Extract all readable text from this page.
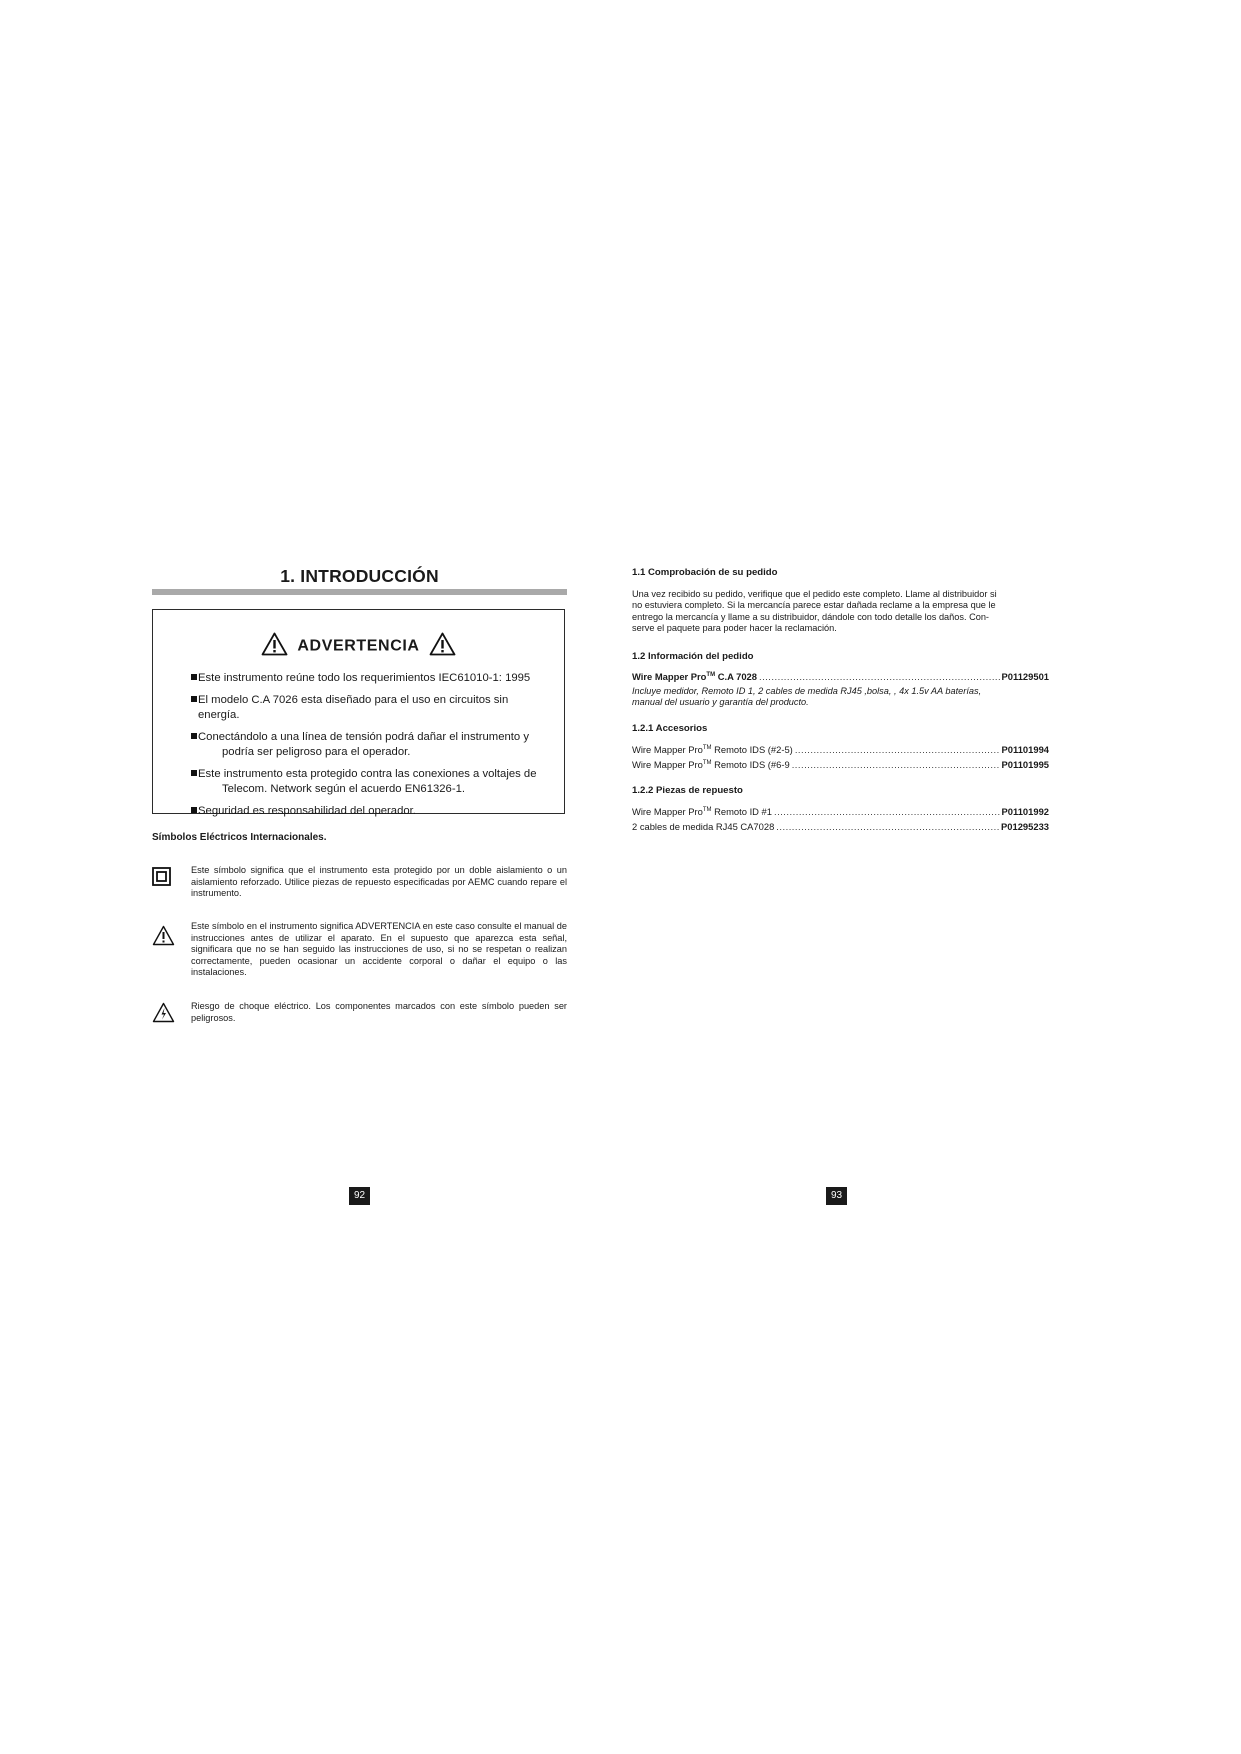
1. INTRODUCCIÓN
ADVERTENCIA
Este instrumento reúne todo los requerimientos IEC61010-1: 1995
El modelo C.A 7026 esta diseñado para el uso en circuitos sin energía.
Conectándolo a una línea de tensión podrá dañar el instrumento y
podría ser peligroso para el operador.
Este instrumento esta protegido contra las conexiones a voltajes de
Telecom. Network según el acuerdo EN61326-1.
Seguridad es responsabilidad del operador.
Símbolos Eléctricos Internacionales.
Este símbolo significa que el instrumento esta protegido por un doble aislamiento o un aislamiento reforzado. Utilice piezas de repuesto especificadas por AEMC cuando repare el instrumento.
Este símbolo en el instrumento significa ADVERTENCIA en este caso consulte el manual de instrucciones antes de utilizar el aparato. En el supuesto que aparezca esta señal, significara que no se han seguido las instrucciones de uso, si no se respetan o realizan correctamente, pueden ocasionar un accidente corporal o dañar el equipo o las instalaciones.
Riesgo de choque eléctrico. Los componentes marcados con este símbolo pueden ser peligrosos.
92
1.1 Comprobación de su pedido
Una vez recibido su pedido, verifique que el pedido este completo. Llame al distribuidor si
no estuviera completo. Si la mercancía parece estar dañada reclame a la empresa que le
entrego la mercancía y llame a su distribuidor, dándole con todo detalle los daños. Con-
serve el paquete para poder hacer la reclamación.
1.2 Información del pedido
Wire Mapper Pro™ C.A 7028 .....	P01129501
Incluye medidor, Remoto ID 1, 2 cables de medida RJ45 ,bolsa, , 4x 1.5v AA baterías,
manual del usuario y garantía del producto.
1.2.1 Accesorios
Wire Mapper Pro™ Remoto IDS (#2-5) .....	P01101994
Wire Mapper Pro™ Remoto IDS (#6-9 .....	P01101995
1.2.2 Piezas de repuesto
Wire Mapper Pro™ Remoto ID #1 .....	P01101992
2 cables de medida RJ45 CA7028 .....	P01295233
93
